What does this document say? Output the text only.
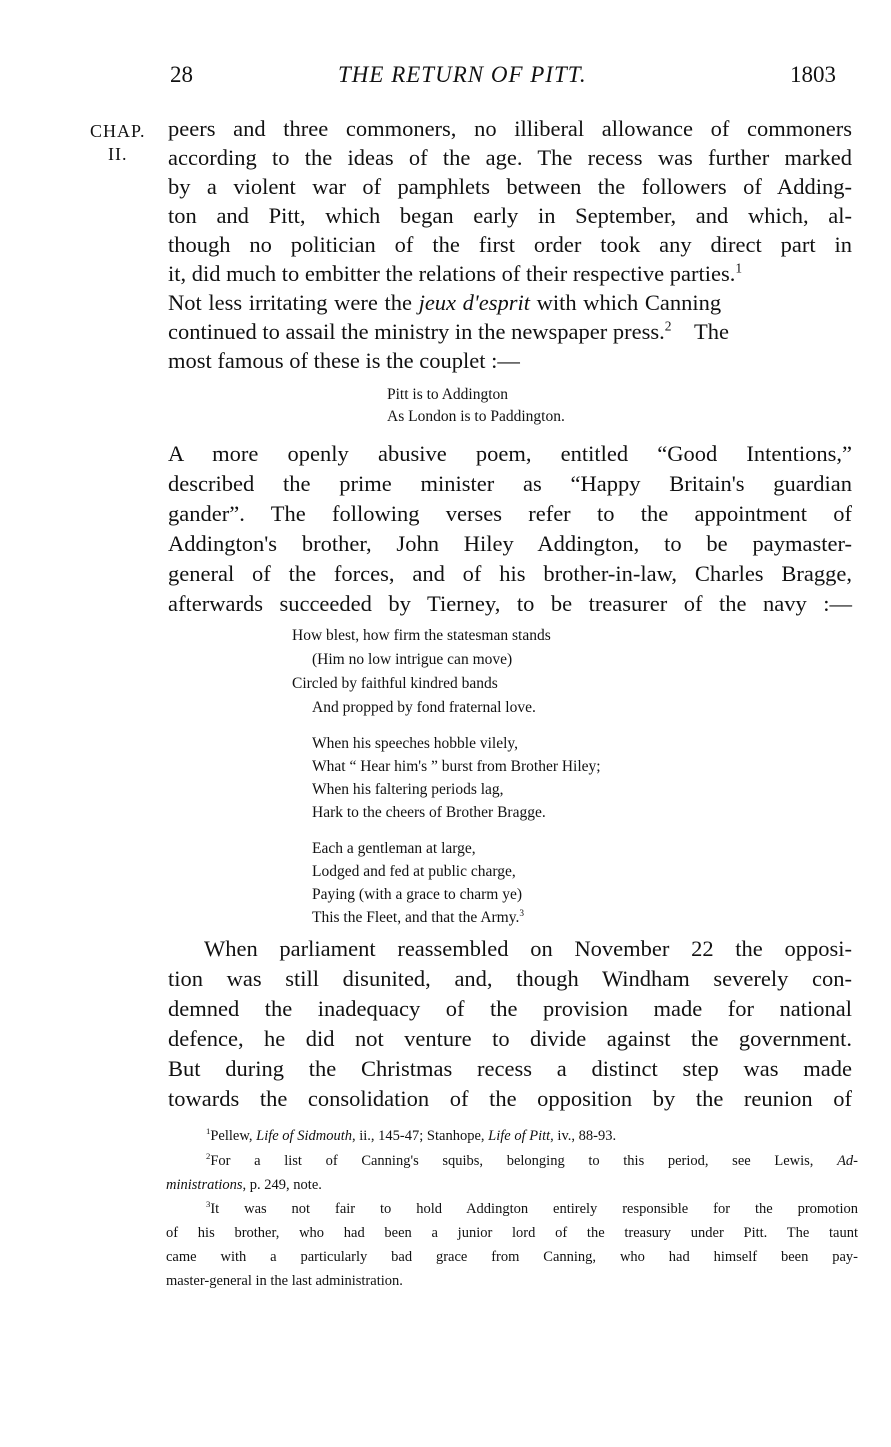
28	THE RETURN OF PITT.	1803
CHAP.
II.
peers and three commoners, no illiberal allowance of commoners
according to the ideas of the age. The recess was further marked
by a violent war of pamphlets between the followers of Adding-
ton and Pitt, which began early in September, and which, al-
though no politician of the first order took any direct part in
it, did much to embitter the relations of their respective parties.$^1$
Not less irritating were the jeux d'esprit with which Canning
continued to assail the ministry in the newspaper press.$^2$ The
most famous of these is the couplet :—
Pitt is to Addington
As London is to Paddington.
A more openly abusive poem, entitled “Good Intentions,”
described the prime minister as “Happy Britain's guardian
gander”. The following verses refer to the appointment of
Addington's brother, John Hiley Addington, to be paymaster-
general of the forces, and of his brother-in-law, Charles Bragge,
afterwards succeeded by Tierney, to be treasurer of the navy :—
How blest, how firm the statesman stands
(Him no low intrigue can move)
Circled by faithful kindred bands
And propped by fond fraternal love.
When his speeches hobble vilely,
What “ Hear him's ” burst from Brother Hiley;
When his faltering periods lag,
Hark to the cheers of Brother Bragge.
Each a gentleman at large,
Lodged and fed at public charge,
Paying (with a grace to charm ye)
This the Fleet, and that the Army.$^3$
When parliament reassembled on November 22 the opposi-
tion was still disunited, and, though Windham severely con-
demned the inadequacy of the provision made for national
defence, he did not venture to divide against the government.
But during the Christmas recess a distinct step was made
towards the consolidation of the opposition by the reunion of
$^1$Pellew, Life of Sidmouth, ii., 145-47; Stanhope, Life of Pitt, iv., 88-93.
$^2$For a list of Canning's squibs, belonging to this period, see Lewis, Ad-
ministrations, p. 249, note.
$^3$It was not fair to hold Addington entirely responsible for the promotion
of his brother, who had been a junior lord of the treasury under Pitt. The taunt
came with a particularly bad grace from Canning, who had himself been pay-
master-general in the last administration.
